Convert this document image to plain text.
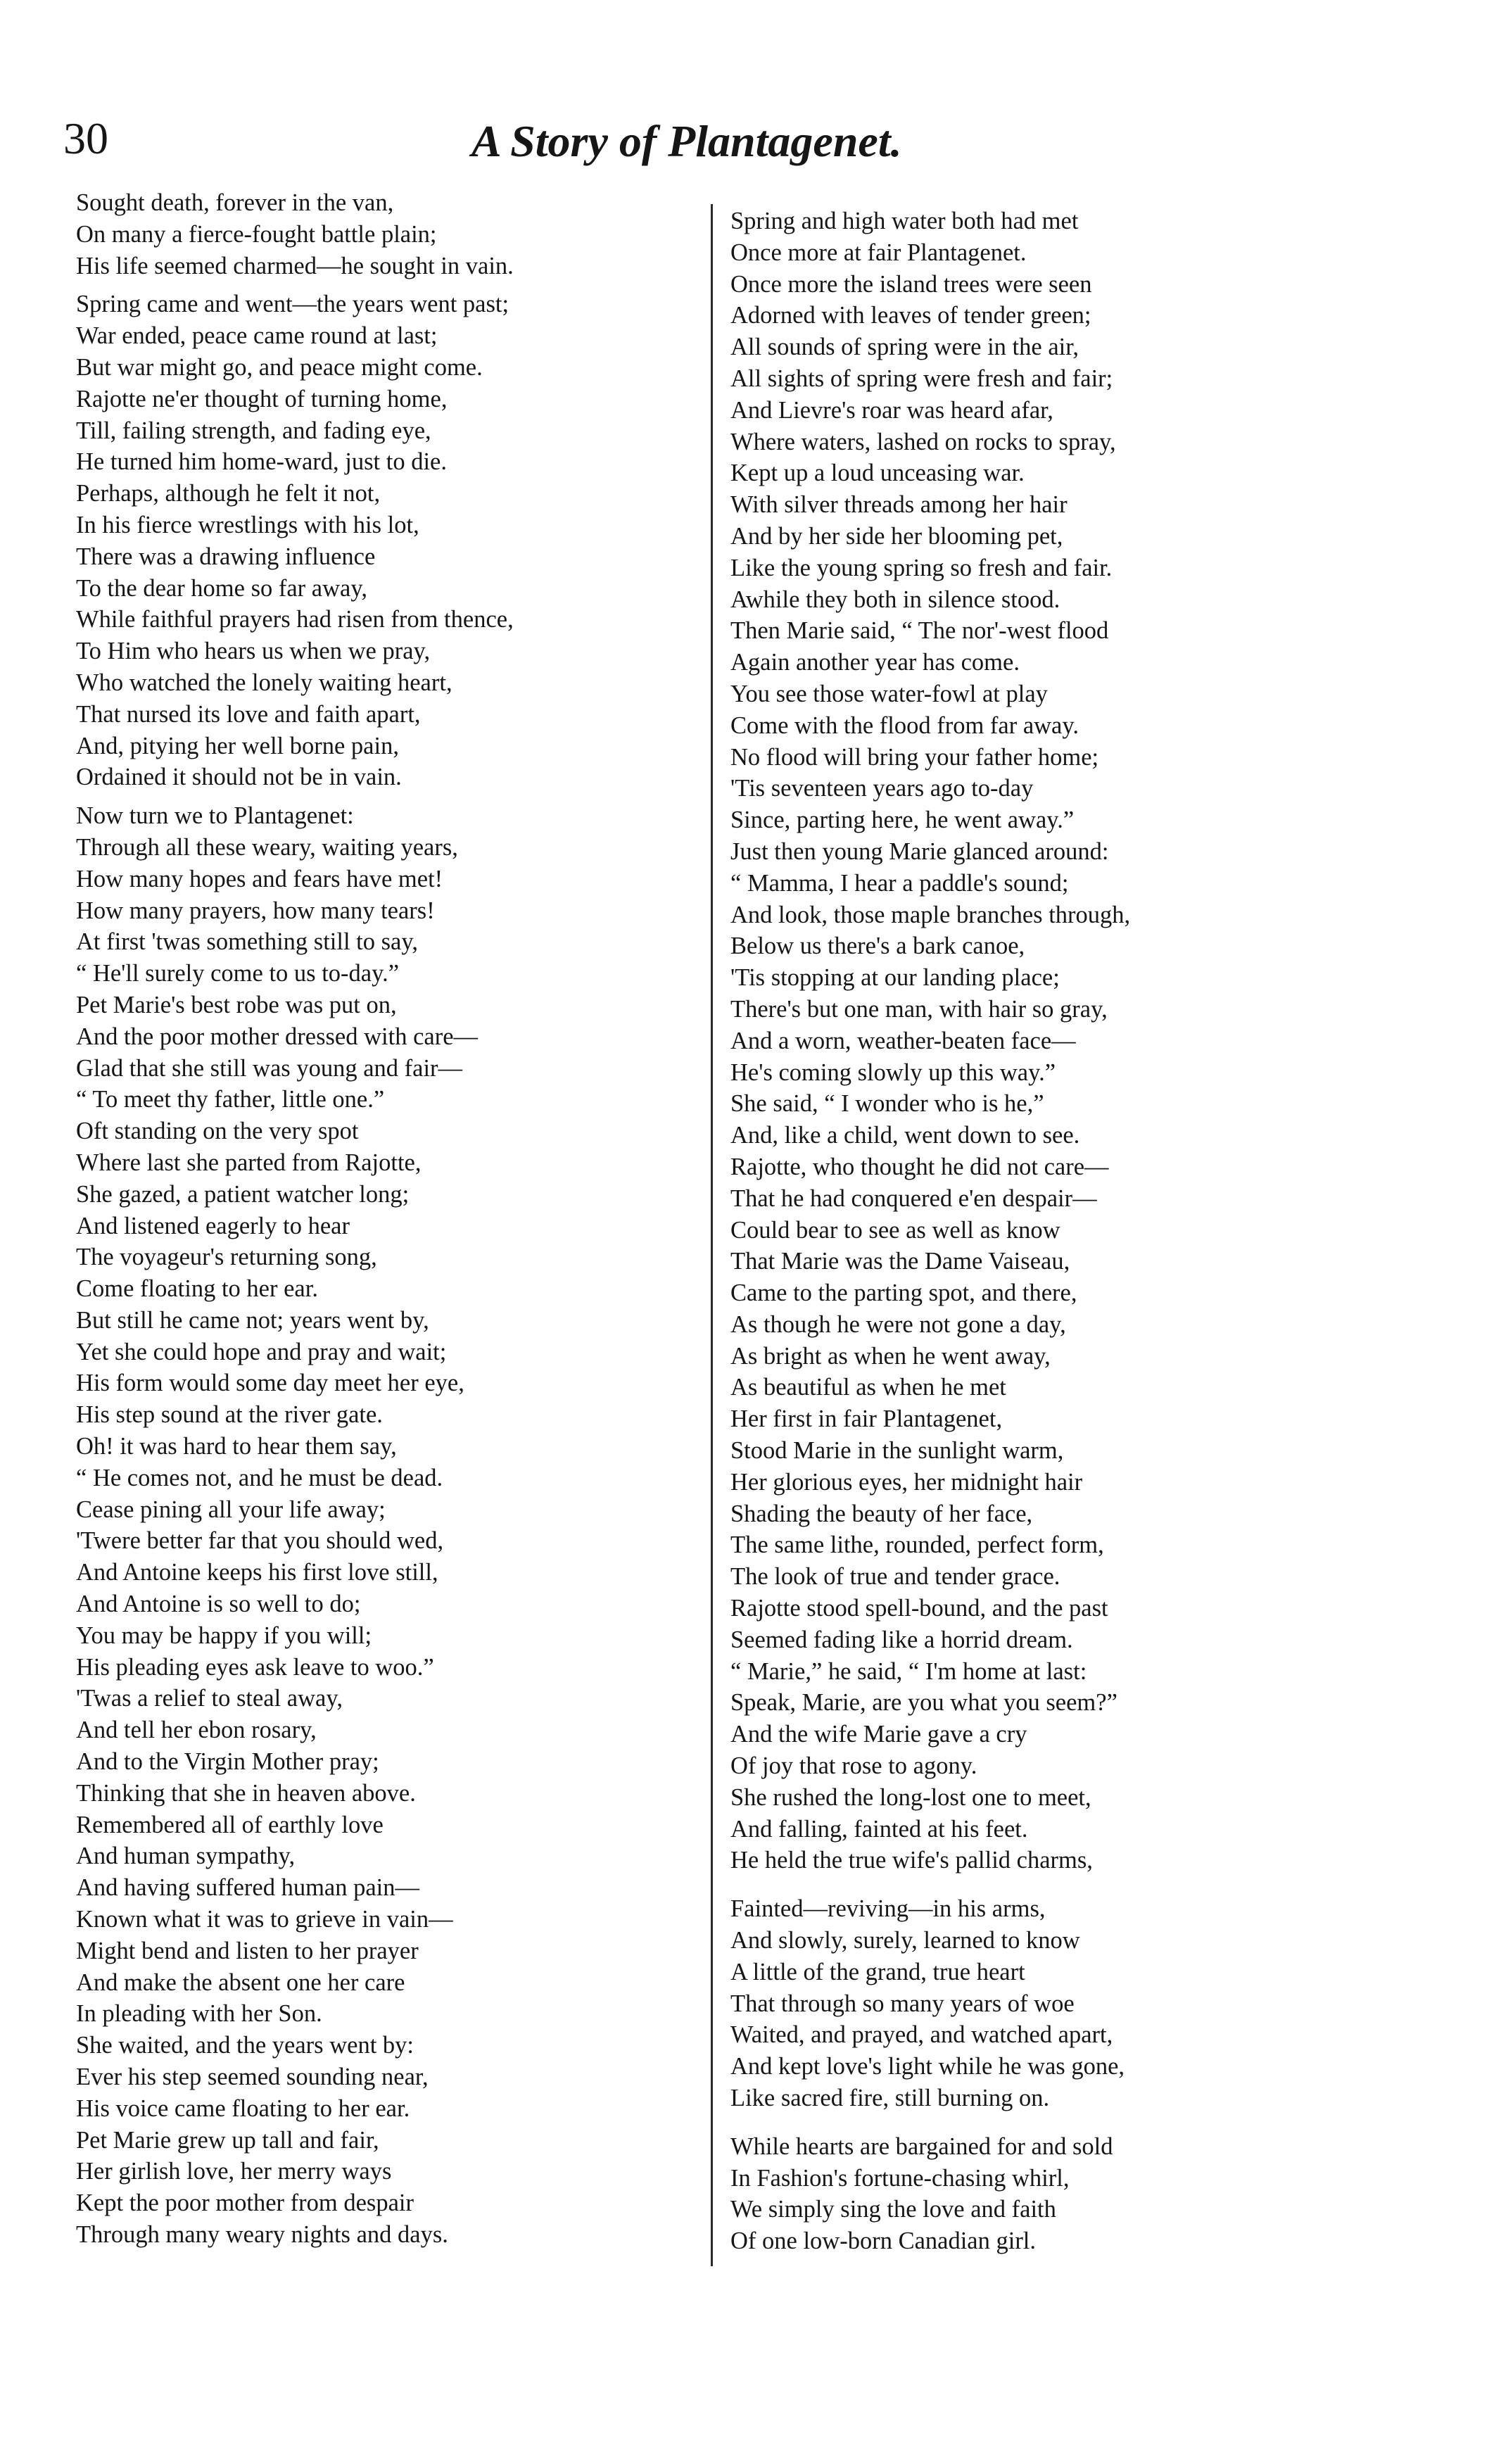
30	A Story of Plantagenet.
Sought death, forever in the van,
On many a fierce-fought battle plain;
His life seemed charmed—he sought in vain.
Spring came and went—the years went past;
War ended, peace came round at last;
But war might go, and peace might come.
Rajotte ne'er thought of turning home,
Till, failing strength, and fading eye,
He turned him home-ward, just to die.
Perhaps, although he felt it not,
In his fierce wrestlings with his lot,
There was a drawing influence
To the dear home so far away,
While faithful prayers had risen from thence,
To Him who hears us when we pray,
Who watched the lonely waiting heart,
That nursed its love and faith apart,
And, pitying her well borne pain,
Ordained it should not be in vain.
Now turn we to Plantagenet:
Through all these weary, waiting years,
How many hopes and fears have met!
How many prayers, how many tears!
At first 'twas something still to say,
“ He'll surely come to us to-day.”
Pet Marie's best robe was put on,
And the poor mother dressed with care—
Glad that she still was young and fair—
“ To meet thy father, little one.”
Oft standing on the very spot
Where last she parted from Rajotte,
She gazed, a patient watcher long;
And listened eagerly to hear
The voyageur's returning song,
Come floating to her ear.
But still he came not; years went by,
Yet she could hope and pray and wait;
His form would some day meet her eye,
His step sound at the river gate.
Oh! it was hard to hear them say,
“ He comes not, and he must be dead.
Cease pining all your life away;
'Twere better far that you should wed,
And Antoine keeps his first love still,
And Antoine is so well to do;
You may be happy if you will;
His pleading eyes ask leave to woo.”
'Twas a relief to steal away,
And tell her ebon rosary,
And to the Virgin Mother pray;
Thinking that she in heaven above.
Remembered all of earthly love
And human sympathy,
And having suffered human pain—
Known what it was to grieve in vain—
Might bend and listen to her prayer
And make the absent one her care
In pleading with her Son.
She waited, and the years went by:
Ever his step seemed sounding near,
His voice came floating to her ear.
Pet Marie grew up tall and fair,
Her girlish love, her merry ways
Kept the poor mother from despair
Through many weary nights and days.
Spring and high water both had met
Once more at fair Plantagenet.
Once more the island trees were seen
Adorned with leaves of tender green;
All sounds of spring were in the air,
All sights of spring were fresh and fair;
And Lievre's roar was heard afar,
Where waters, lashed on rocks to spray,
Kept up a loud unceasing war.
With silver threads among her hair
And by her side her blooming pet,
Like the young spring so fresh and fair.
Awhile they both in silence stood.
Then Marie said, “ The nor'-west flood
Again another year has come.
You see those water-fowl at play
Come with the flood from far away.
No flood will bring your father home;
'Tis seventeen years ago to-day
Since, parting here, he went away.”
Just then young Marie glanced around:
“ Mamma, I hear a paddle's sound;
And look, those maple branches through,
Below us there's a bark canoe,
'Tis stopping at our landing place;
There's but one man, with hair so gray,
And a worn, weather-beaten face—
He's coming slowly up this way.”
She said, “ I wonder who is he,”
And, like a child, went down to see.
Rajotte, who thought he did not care—
That he had conquered e'en despair—
Could bear to see as well as know
That Marie was the Dame Vaiseau,
Came to the parting spot, and there,
As though he were not gone a day,
As bright as when he went away,
As beautiful as when he met
Her first in fair Plantagenet,
Stood Marie in the sunlight warm,
Her glorious eyes, her midnight hair
Shading the beauty of her face,
The same lithe, rounded, perfect form,
The look of true and tender grace.
Rajotte stood spell-bound, and the past
Seemed fading like a horrid dream.
“ Marie,” he said, “ I'm home at last:
Speak, Marie, are you what you seem?”
And the wife Marie gave a cry
Of joy that rose to agony.
She rushed the long-lost one to meet,
And falling, fainted at his feet.
He held the true wife's pallid charms,
Fainted—reviving—in his arms,
And slowly, surely, learned to know
A little of the grand, true heart
That through so many years of woe
Waited, and prayed, and watched apart,
And kept love's light while he was gone,
Like sacred fire, still burning on.
While hearts are bargained for and sold
In Fashion's fortune-chasing whirl,
We simply sing the love and faith
Of one low-born Canadian girl.
